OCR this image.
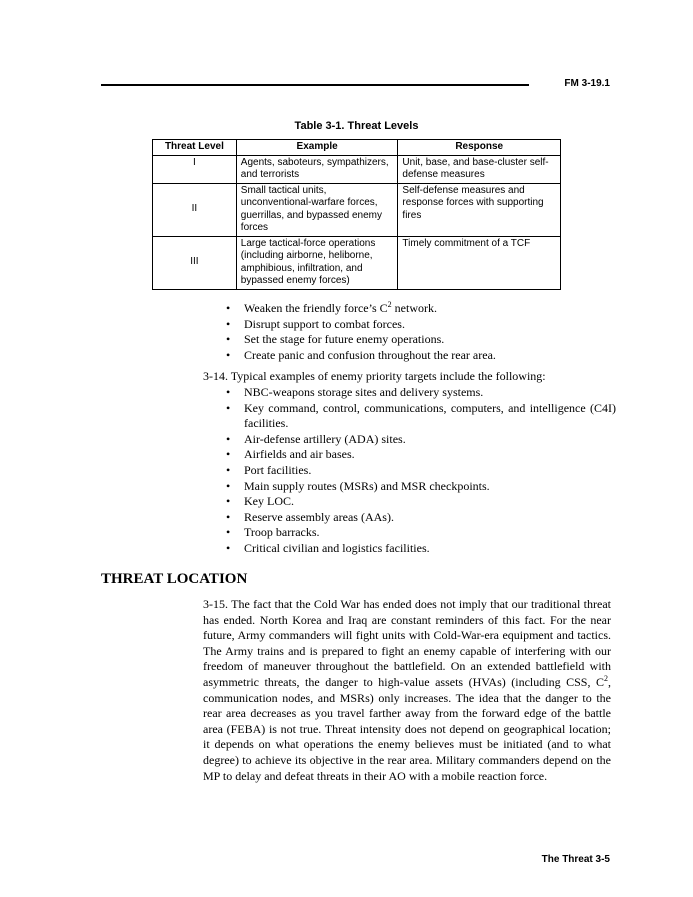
FM 3-19.1
Table 3-1. Threat Levels
Threat Level	Example	Response
I	Agents, saboteurs, sympathizers, and terrorists	Unit, base, and base-cluster self-defense measures
II	Small tactical units, unconventional-warfare forces, guerrillas, and bypassed enemy forces	Self-defense measures and response forces with supporting fires
III	Large tactical-force operations (including airborne, heliborne, amphibious, infiltration, and bypassed enemy forces)	Timely commitment of a TCF
• Weaken the friendly force’s $C^2$ network.
• Disrupt support to combat forces.
• Set the stage for future enemy operations.
• Create panic and confusion throughout the rear area.

3-14. Typical examples of enemy priority targets include the following:

• NBC-weapons storage sites and delivery systems.
• Key command, control, communications, computers, and intelligence (C4I) facilities.
• Air-defense artillery (ADA) sites.
• Airfields and air bases.
• Port facilities.
• Main supply routes (MSRs) and MSR checkpoints.
• Key LOC.
• Reserve assembly areas (AAs).
• Troop barracks.
• Critical civilian and logistics facilities.
THREAT LOCATION

3-15. The fact that the Cold War has ended does not imply that our traditional threat has ended. North Korea and Iraq are constant reminders of this fact. For the near future, Army commanders will fight units with Cold-War-era equipment and tactics. The Army trains and is prepared to fight an enemy capable of interfering with our freedom of maneuver throughout the battlefield. On an extended battlefield with asymmetric threats, the danger to high-value assets (HVAs) (including CSS, $C^2$, communication nodes, and MSRs) only increases. The idea that the danger to the rear area decreases as you travel farther away from the forward edge of the battle area (FEBA) is not true. Threat intensity does not depend on geographical location; it depends on what operations the enemy believes must be initiated (and to what degree) to achieve its objective in the rear area. Military commanders depend on the MP to delay and defeat threats in their AO with a mobile reaction force.

The Threat 3-5
